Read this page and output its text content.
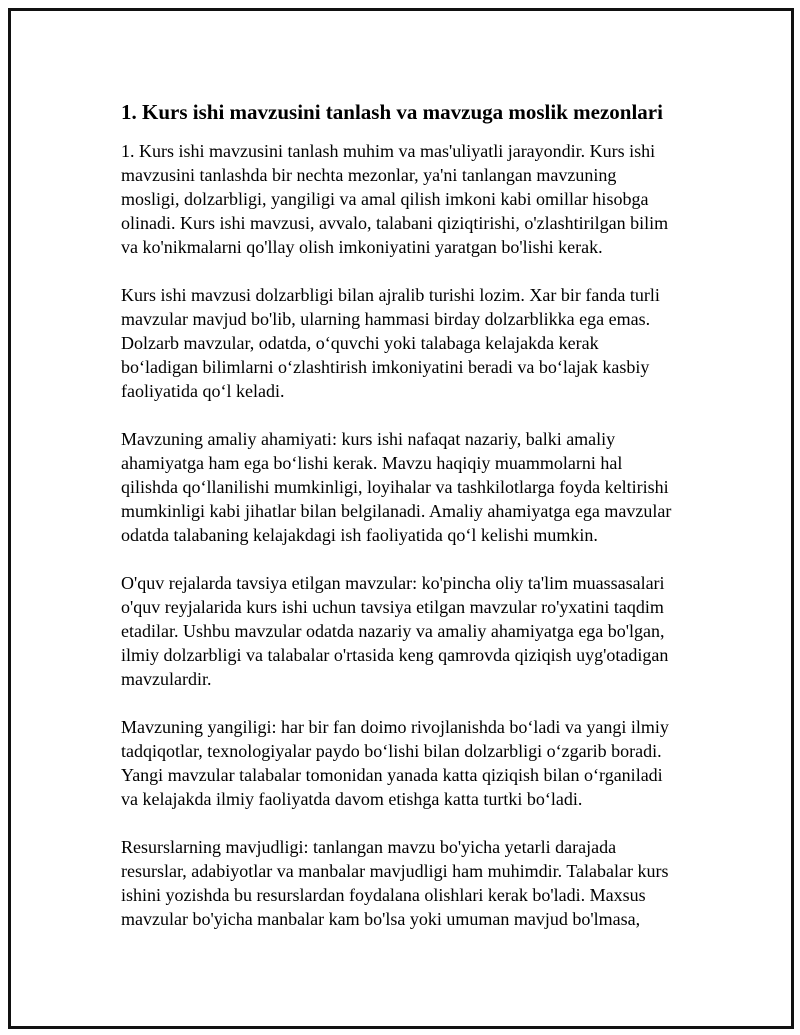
1. Kurs ishi mavzusini tanlash va mavzuga moslik mezonlari

1. Kurs ishi mavzusini tanlash muhim va mas'uliyatli jarayondir. Kurs ishi
mavzusini tanlashda bir nechta mezonlar, ya'ni tanlangan mavzuning
mosligi, dolzarbligi, yangiligi va amal qilish imkoni kabi omillar hisobga
olinadi. Kurs ishi mavzusi, avvalo, talabani qiziqtirishi, o'zlashtirilgan bilim
va ko'nikmalarni qo'llay olish imkoniyatini yaratgan bo'lishi kerak.

Kurs ishi mavzusi dolzarbligi bilan ajralib turishi lozim. Xar bir fanda turli
mavzular mavjud bo'lib, ularning hammasi birday dolzarblikka ega emas.
Dolzarb mavzular, odatda, o‘quvchi yoki talabaga kelajakda kerak
bo‘ladigan bilimlarni o‘zlashtirish imkoniyatini beradi va bo‘lajak kasbiy
faoliyatida qo‘l keladi.

Mavzuning amaliy ahamiyati: kurs ishi nafaqat nazariy, balki amaliy
ahamiyatga ham ega bo‘lishi kerak. Mavzu haqiqiy muammolarni hal
qilishda qo‘llanilishi mumkinligi, loyihalar va tashkilotlarga foyda keltirishi
mumkinligi kabi jihatlar bilan belgilanadi. Amaliy ahamiyatga ega mavzular
odatda talabaning kelajakdagi ish faoliyatida qo‘l kelishi mumkin.

O'quv rejalarda tavsiya etilgan mavzular: ko'pincha oliy ta'lim muassasalari
o'quv reyjalarida kurs ishi uchun tavsiya etilgan mavzular ro'yxatini taqdim
etadilar. Ushbu mavzular odatda nazariy va amaliy ahamiyatga ega bo'lgan,
ilmiy dolzarbligi va talabalar o'rtasida keng qamrovda qiziqish uyg'otadigan
mavzulardir.

Mavzuning yangiligi: har bir fan doimo rivojlanishda bo‘ladi va yangi ilmiy
tadqiqotlar, texnologiyalar paydo bo‘lishi bilan dolzarbligi o‘zgarib boradi.
Yangi mavzular talabalar tomonidan yanada katta qiziqish bilan o‘rganiladi
va kelajakda ilmiy faoliyatda davom etishga katta turtki bo‘ladi.

Resurslarning mavjudligi: tanlangan mavzu bo'yicha yetarli darajada
resurslar, adabiyotlar va manbalar mavjudligi ham muhimdir. Talabalar kurs
ishini yozishda bu resurslardan foydalana olishlari kerak bo'ladi. Maxsus
mavzular bo'yicha manbalar kam bo'lsa yoki umuman mavjud bo'lmasa,
